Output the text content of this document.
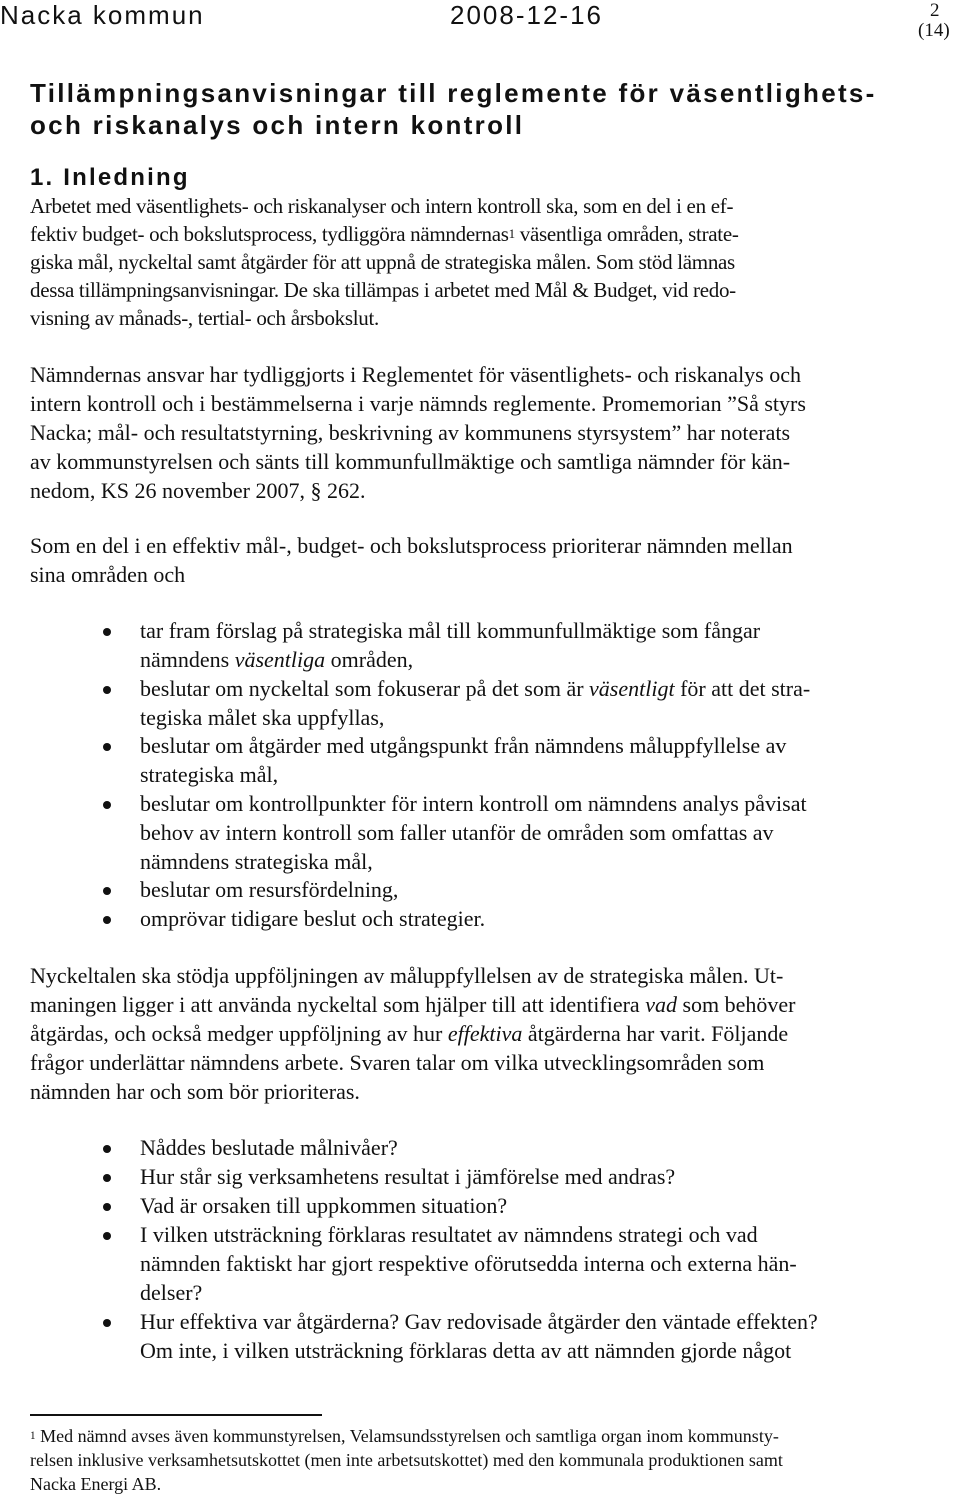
Nacka kommun	2008-12-16	2
(14)
Tillämpningsanvisningar till reglemente för väsentlighets-
och riskanalys och intern kontroll
1. Inledning
Arbetet med väsentlighets- och riskanalyser och intern kontroll ska, som en del i en ef-
fektiv budget- och bokslutsprocess, tydliggöra nämndernas$^1$ väsentliga områden, strate-
giska mål, nyckeltal samt åtgärder för att uppnå de strategiska målen. Som stöd lämnas
dessa tillämpningsanvisningar. De ska tillämpas i arbetet med Mål & Budget, vid redo-
visning av månads-, tertial- och årsbokslut.
Nämndernas ansvar har tydliggjorts i Reglementet för väsentlighets- och riskanalys och
intern kontroll och i bestämmelserna i varje nämnds reglemente. Promemorian ”Så styrs
Nacka; mål- och resultatstyrning, beskrivning av kommunens styrsystem” har noterats
av kommunstyrelsen och sänts till kommunfullmäktige och samtliga nämnder för kän-
nedom, KS 26 november 2007, § 262.
Som en del i en effektiv mål-, budget- och bokslutsprocess prioriterar nämnden mellan
sina områden och
tar fram förslag på strategiska mål till kommunfullmäktige som fångar
nämndens väsentliga områden,
beslutar om nyckeltal som fokuserar på det som är väsentligt för att det stra-
tegiska målet ska uppfyllas,
beslutar om åtgärder med utgångspunkt från nämndens måluppfyllelse av
strategiska mål,
beslutar om kontrollpunkter för intern kontroll om nämndens analys påvisat
behov av intern kontroll som faller utanför de områden som omfattas av
nämndens strategiska mål,
beslutar om resursfördelning,
omprövar tidigare beslut och strategier.
Nyckeltalen ska stödja uppföljningen av måluppfyllelsen av de strategiska målen. Ut-
maningen ligger i att använda nyckeltal som hjälper till att identifiera vad som behöver
åtgärdas, och också medger uppföljning av hur effektiva åtgärderna har varit. Följande
frågor underlättar nämndens arbete. Svaren talar om vilka utvecklingsområden som
nämnden har och som bör prioriteras.
Nåddes beslutade målnivåer?
Hur står sig verksamhetens resultat i jämförelse med andras?
Vad är orsaken till uppkommen situation?
I vilken utsträckning förklaras resultatet av nämndens strategi och vad
nämnden faktiskt har gjort respektive oförutsedda interna och externa hän-
delser?
Hur effektiva var åtgärderna? Gav redovisade åtgärder den väntade effekten?
Om inte, i vilken utsträckning förklaras detta av att nämnden gjorde något
$^1$ Med nämnd avses även kommunstyrelsen, Velamsundsstyrelsen och samtliga organ inom kommunsty-
relsen inklusive verksamhetsutskottet (men inte arbetsutskottet) med den kommunala produktionen samt
Nacka Energi AB.
